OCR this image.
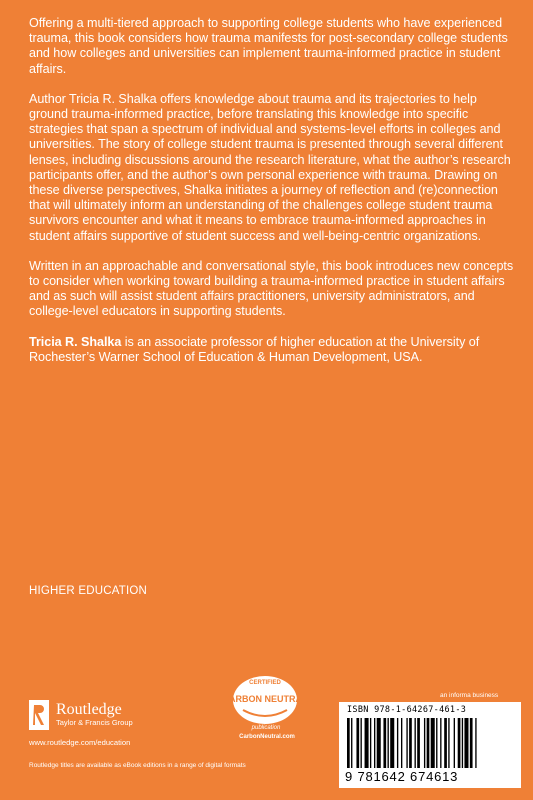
Offering a multi-tiered approach to supporting college students who have experienced trauma, this book considers how trauma manifests for post-secondary college students and how colleges and universities can implement trauma-informed practice in student affairs.

Author Tricia R. Shalka offers knowledge about trauma and its trajectories to help ground trauma-informed practice, before translating this knowledge into specific strategies that span a spectrum of individual and systems-level efforts in colleges and universities. The story of college student trauma is presented through several different lenses, including discussions around the research literature, what the author’s research participants offer, and the author’s own personal experience with trauma. Drawing on these diverse perspectives, Shalka initiates a journey of reflection and (re)connection that will ultimately inform an understanding of the challenges college student trauma survivors encounter and what it means to embrace trauma-informed approaches in student affairs supportive of student success and well-being-centric organizations.

Written in an approachable and conversational style, this book introduces new concepts to consider when working toward building a trauma-informed practice in student affairs and as such will assist student affairs practitioners, university administrators, and college-level educators in supporting students.

Tricia R. Shalka is an associate professor of higher education at the University of Rochester’s Warner School of Education & Human Development, USA.

HIGHER EDUCATION
Routledge
Taylor & Francis Group
www.routledge.com/education
Routledge titles are available as eBook editions in a range of digital formats
CERTIFIED
CARBON NEUTRAL
publication
CarbonNeutral.com
an informa business
ISBN 978-1-64267-461-3
9 781642 674613
